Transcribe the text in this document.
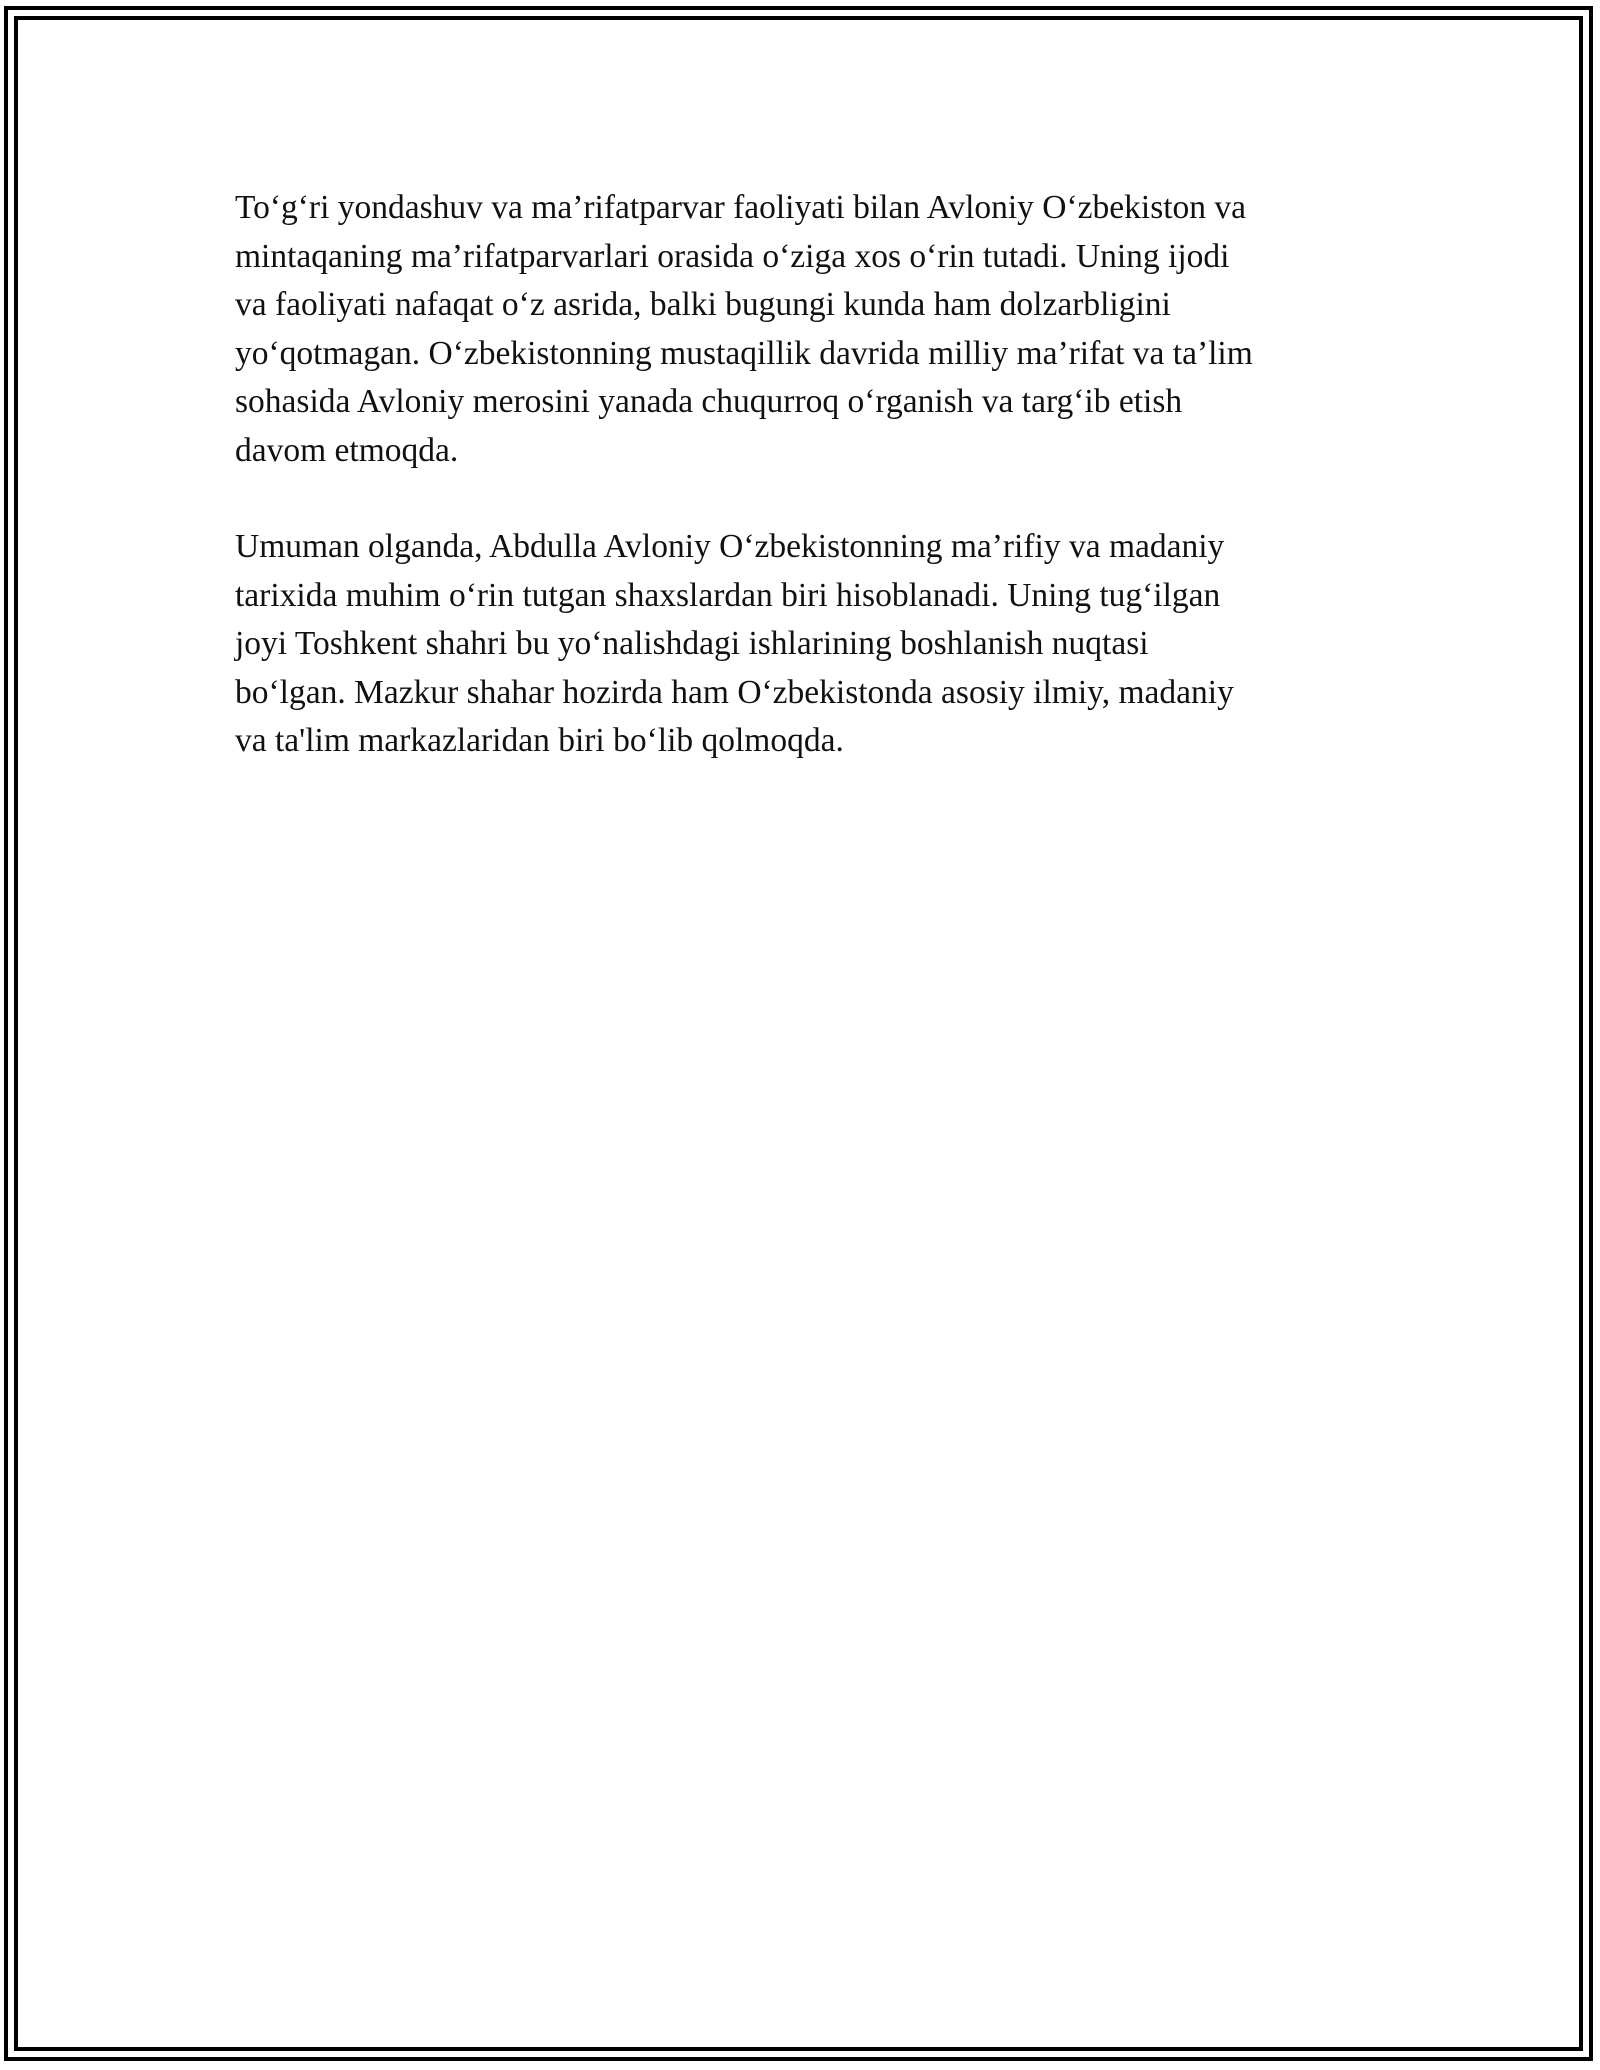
To‘g‘ri yondashuv va ma’rifatparvar faoliyati bilan Avloniy O‘zbekiston va
mintaqaning ma’rifatparvarlari orasida o‘ziga xos o‘rin tutadi. Uning ijodi
va faoliyati nafaqat o‘z asrida, balki bugungi kunda ham dolzarbligini
yo‘qotmagan. O‘zbekistonning mustaqillik davrida milliy ma’rifat va ta’lim
sohasida Avloniy merosini yanada chuqurroq o‘rganish va targ‘ib etish
davom etmoqda.

Umuman olganda, Abdulla Avloniy O‘zbekistonning ma’rifiy va madaniy
tarixida muhim o‘rin tutgan shaxslardan biri hisoblanadi. Uning tug‘ilgan
joyi Toshkent shahri bu yo‘nalishdagi ishlarining boshlanish nuqtasi
bo‘lgan. Mazkur shahar hozirda ham O‘zbekistonda asosiy ilmiy, madaniy
va ta'lim markazlaridan biri bo‘lib qolmoqda.
